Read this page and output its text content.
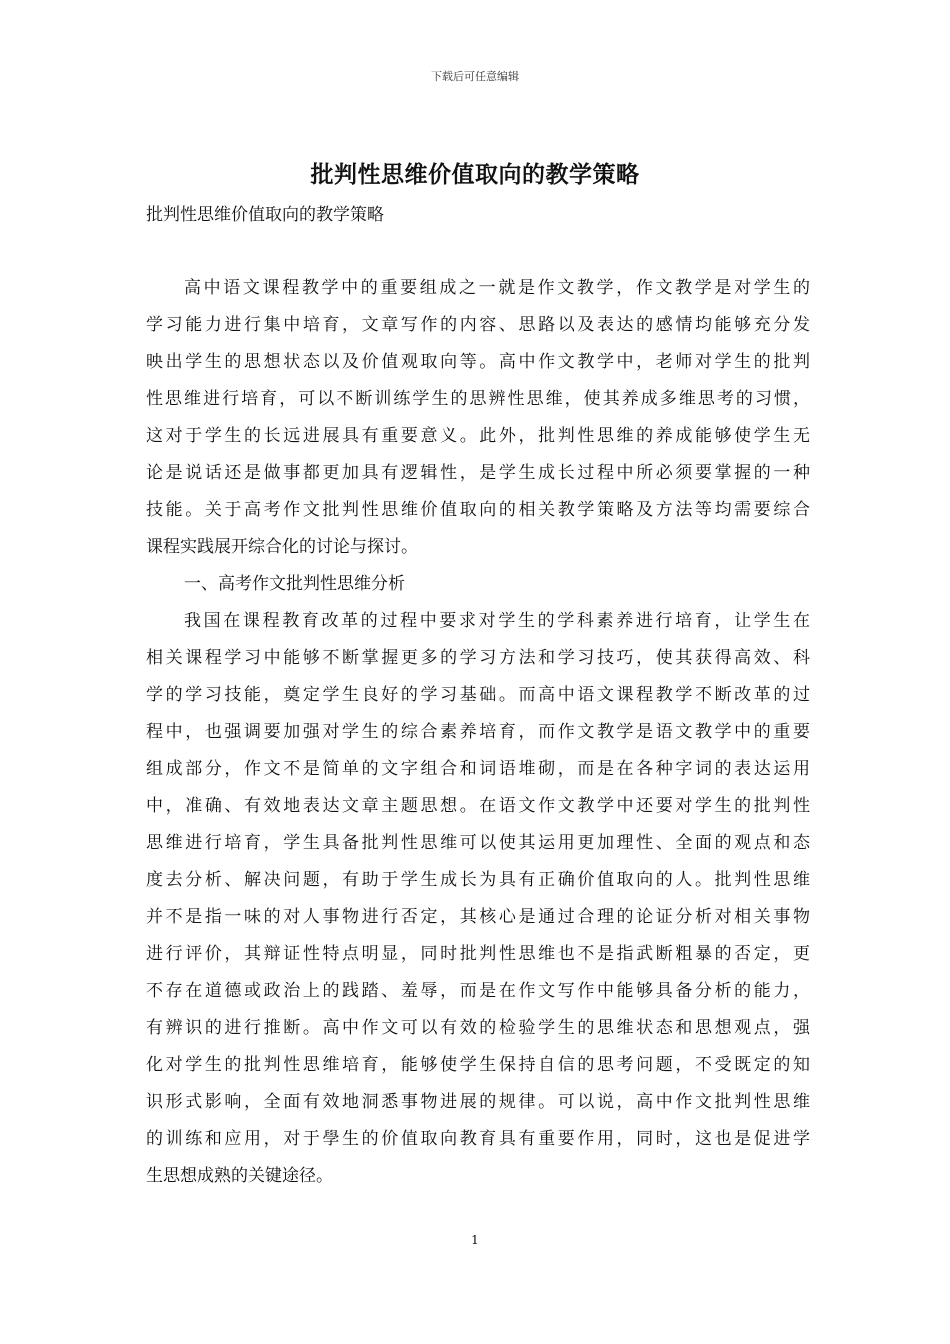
下载后可任意编辑
批判性思维价值取向的教学策略
批判性思维价值取向的教学策略
高中语文课程教学中的重要组成之一就是作文教学，作文教学是对学生的
学习能力进行集中培育，文章写作的内容、思路以及表达的感情均能够充分发
映出学生的思想状态以及价值观取向等。高中作文教学中，老师对学生的批判
性思维进行培育，可以不断训练学生的思辨性思维，使其养成多维思考的习惯，
这对于学生的长远进展具有重要意义。此外，批判性思维的养成能够使学生无
论是说话还是做事都更加具有逻辑性，是学生成长过程中所必须要掌握的一种
技能。关于高考作文批判性思维价值取向的相关教学策略及方法等均需要综合
课程实践展开综合化的讨论与探讨。
一、高考作文批判性思维分析
我国在课程教育改革的过程中要求对学生的学科素养进行培育，让学生在
相关课程学习中能够不断掌握更多的学习方法和学习技巧，使其获得高效、科
学的学习技能，奠定学生良好的学习基础。而高中语文课程教学不断改革的过
程中，也强调要加强对学生的综合素养培育，而作文教学是语文教学中的重要
组成部分，作文不是简单的文字组合和词语堆砌，而是在各种字词的表达运用
中，准确、有效地表达文章主题思想。在语文作文教学中还要对学生的批判性
思维进行培育，学生具备批判性思维可以使其运用更加理性、全面的观点和态
度去分析、解决问题，有助于学生成长为具有正确价值取向的人。批判性思维
并不是指一味的对人事物进行否定，其核心是通过合理的论证分析对相关事物
进行评价，其辩证性特点明显，同时批判性思维也不是指武断粗暴的否定，更
不存在道德或政治上的践踏、羞辱，而是在作文写作中能够具备分析的能力，
有辨识的进行推断。高中作文可以有效的检验学生的思维状态和思想观点，强
化对学生的批判性思维培育，能够使学生保持自信的思考问题，不受既定的知
识形式影响，全面有效地洞悉事物进展的规律。可以说，高中作文批判性思维
的训练和应用，对于學生的价值取向教育具有重要作用，同时，这也是促进学
生思想成熟的关键途径。
1
